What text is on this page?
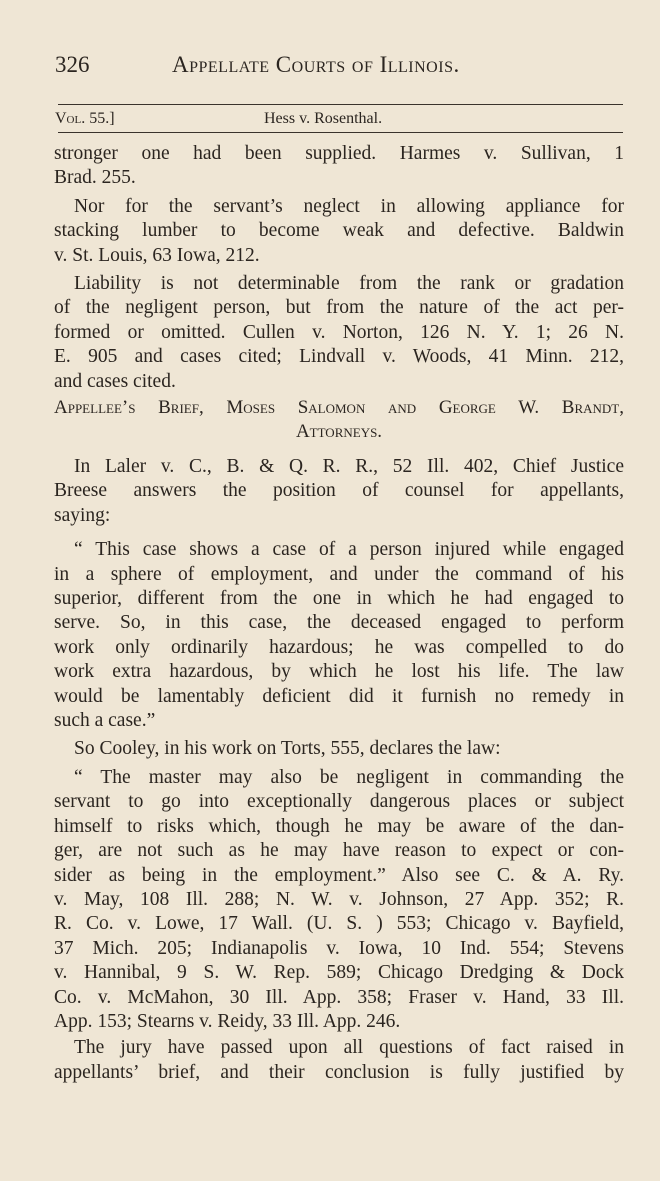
326	Appellate Courts of Illinois.
Vol. 55.]	Hess v. Rosenthal.
stronger one had been supplied. Harmes v. Sullivan, 1
Brad. 255.
Nor for the servant’s neglect in allowing appliance for
stacking lumber to become weak and defective. Baldwin
v. St. Louis, 63 Iowa, 212.
Liability is not determinable from the rank or gradation
of the negligent person, but from the nature of the act per-
formed or omitted. Cullen v. Norton, 126 N. Y. 1; 26 N.
E. 905 and cases cited; Lindvall v. Woods, 41 Minn. 212,
and cases cited.
Appellee’s Brief, Moses Salomon and George W. Brandt,
Attorneys.
In Laler v. C., B. & Q. R. R., 52 Ill. 402, Chief Justice
Breese answers the position of counsel for appellants,
saying:
“ This case shows a case of a person injured while engaged
in a sphere of employment, and under the command of his
superior, different from the one in which he had engaged to
serve. So, in this case, the deceased engaged to perform
work only ordinarily hazardous; he was compelled to do
work extra hazardous, by which he lost his life. The law
would be lamentably deficient did it furnish no remedy in
such a case.”
So Cooley, in his work on Torts, 555, declares the law:
“ The master may also be negligent in commanding the
servant to go into exceptionally dangerous places or subject
himself to risks which, though he may be aware of the dan-
ger, are not such as he may have reason to expect or con-
sider as being in the employment.” Also see C. & A. Ry.
v. May, 108 Ill. 288; N. W. v. Johnson, 27 App. 352; R.
R. Co. v. Lowe, 17 Wall. (U. S. ) 553; Chicago v. Bayfield,
37 Mich. 205; Indianapolis v. Iowa, 10 Ind. 554; Stevens
v. Hannibal, 9 S. W. Rep. 589; Chicago Dredging & Dock
Co. v. McMahon, 30 Ill. App. 358; Fraser v. Hand, 33 Ill.
App. 153; Stearns v. Reidy, 33 Ill. App. 246.
The jury have passed upon all questions of fact raised in
appellants’ brief, and their conclusion is fully justified by
